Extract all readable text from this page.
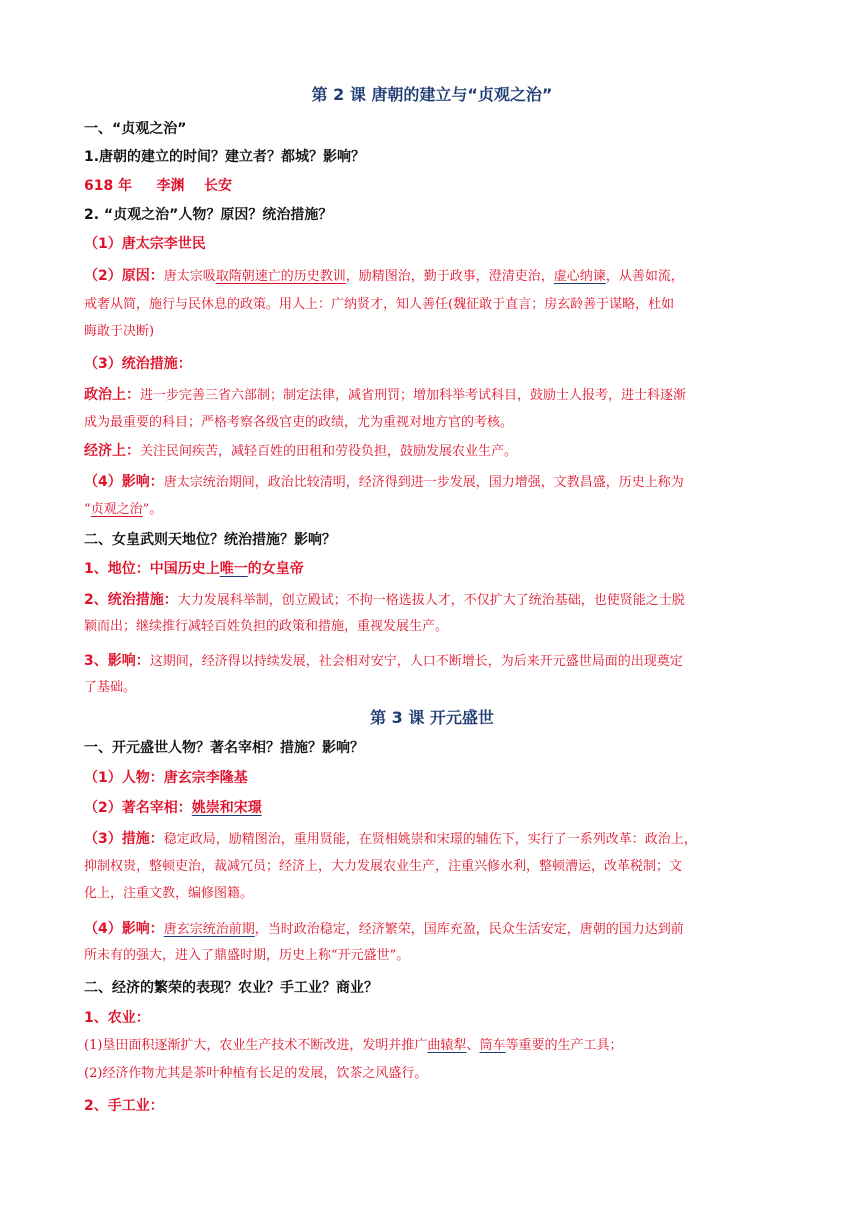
第 2 课 唐朝的建立与“贞观之治”
一、“贞观之治”
1.唐朝的建立的时间？建立者？都城？影响？
618 年 李渊 长安
2. “贞观之治”人物？原因？统治措施？
（1）唐太宗李世民
（2）原因：唐太宗吸取隋朝速亡的历史教训，励精图治，勤于政事，澄清吏治，虚心纳谏，从善如流，
戒奢从简，施行与民休息的政策。用人上：广纳贤才，知人善任(魏征敢于直言；房玄龄善于谋略，杜如
晦敢于决断)
（3）统治措施：
政治上：进一步完善三省六部制；制定法律，减省刑罚；增加科举考试科目，鼓励士人报考，进士科逐渐
成为最重要的科目；严格考察各级官吏的政绩，尤为重视对地方官的考核。
经济上：关注民间疾苦，减轻百姓的田租和劳役负担，鼓励发展农业生产。
（4）影响：唐太宗统治期间，政治比较清明，经济得到进一步发展，国力增强，文教昌盛，历史上称为
“贞观之治”。
二、女皇武则天地位？统治措施？影响？
1、地位：中国历史上唯一的女皇帝
2、统治措施：大力发展科举制，创立殿试；不拘一格选拔人才，不仅扩大了统治基础，也使贤能之士脱
颖而出；继续推行减轻百姓负担的政策和措施，重视发展生产。
3、影响：这期间，经济得以持续发展，社会相对安宁，人口不断增长，为后来开元盛世局面的出现奠定
了基础。
第 3 课 开元盛世
一、开元盛世人物？著名宰相？措施？影响？
（1）人物：唐玄宗李隆基
（2）著名宰相：姚崇和宋璟
（3）措施：稳定政局，励精图治，重用贤能，在贤相姚崇和宋璟的辅佐下，实行了一系列改革：政治上，
抑制权贵，整顿吏治，裁减冗员；经济上，大力发展农业生产，注重兴修水利，整顿漕运，改革税制；文
化上，注重文教，编修图籍。
（4）影响：唐玄宗统治前期，当时政治稳定，经济繁荣，国库充盈，民众生活安定，唐朝的国力达到前
所未有的强大，进入了鼎盛时期，历史上称“开元盛世”。
二、经济的繁荣的表现？农业？手工业？商业？
1、农业：
(1)垦田面积逐渐扩大，农业生产技术不断改进，发明并推广曲辕犁、筒车等重要的生产工具；
(2)经济作物尤其是茶叶种植有长足的发展，饮茶之风盛行。
2、手工业：
